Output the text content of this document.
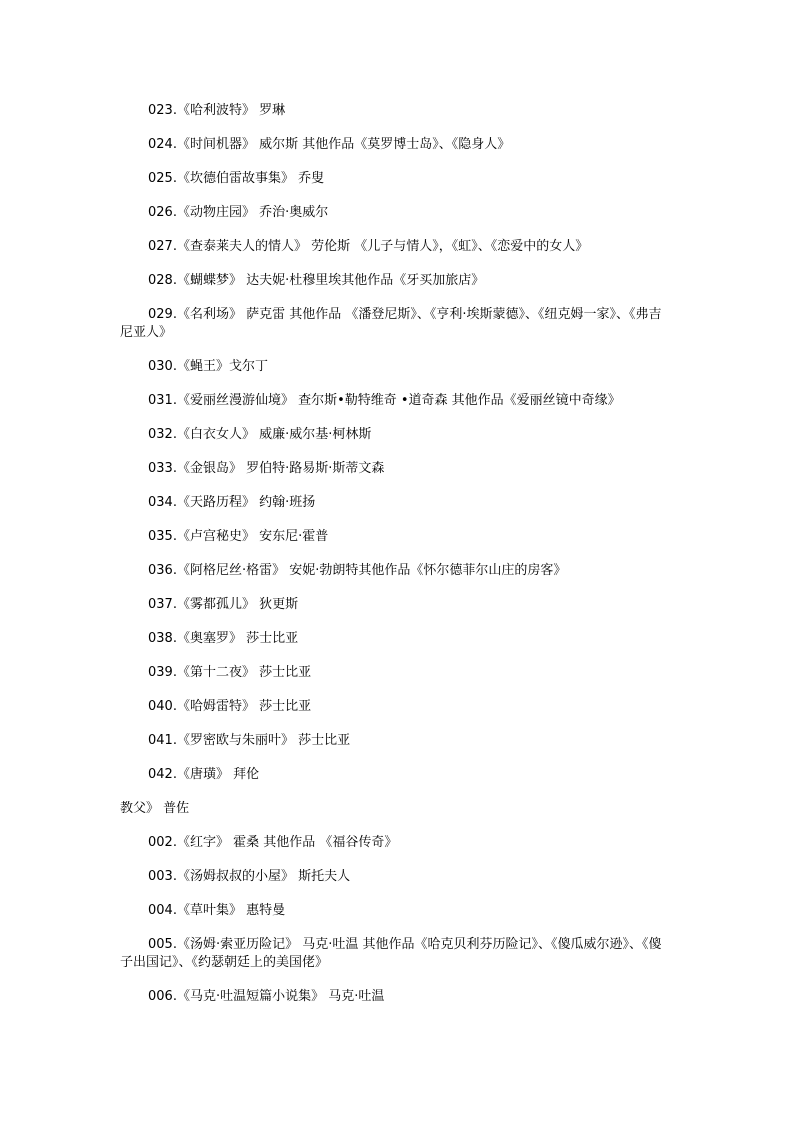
023.《哈利波特》 罗琳

024.《时间机器》 威尔斯 其他作品《莫罗博士岛》、《隐身人》

025.《坎德伯雷故事集》 乔叟

026.《动物庄园》 乔治·奥威尔

027.《查泰莱夫人的情人》 劳伦斯 《儿子与情人》，《虹》、《恋爱中的女人》

028.《蝴蝶梦》 达夫妮·杜穆里埃其他作品《牙买加旅店》

029.《名利场》 萨克雷 其他作品 《潘登尼斯》、《亨利·埃斯蒙德》、《纽克姆一家》、《弗吉尼亚人》

030.《蝇王》戈尔丁

031.《爱丽丝漫游仙境》 查尔斯•勒特维奇 •道奇森 其他作品《爱丽丝镜中奇缘》

032.《白衣女人》 威廉·威尔基·柯林斯

033.《金银岛》 罗伯特·路易斯·斯蒂文森

034.《天路历程》 约翰·班扬

035.《卢宫秘史》 安东尼·霍普

036.《阿格尼丝·格雷》 安妮·勃朗特其他作品《怀尔德菲尔山庄的房客》

037.《雾都孤儿》 狄更斯

038.《奥塞罗》 莎士比亚

039.《第十二夜》 莎士比亚

040.《哈姆雷特》 莎士比亚

041.《罗密欧与朱丽叶》 莎士比亚

042.《唐璜》 拜伦

教父》 普佐

002.《红字》 霍桑 其他作品 《福谷传奇》

003.《汤姆叔叔的小屋》 斯托夫人

004.《草叶集》 惠特曼

005.《汤姆·索亚历险记》 马克·吐温 其他作品《哈克贝利芬历险记》、《傻瓜威尔逊》、《傻子出国记》、《约瑟朝廷上的美国佬》

006.《马克·吐温短篇小说集》 马克·吐温
